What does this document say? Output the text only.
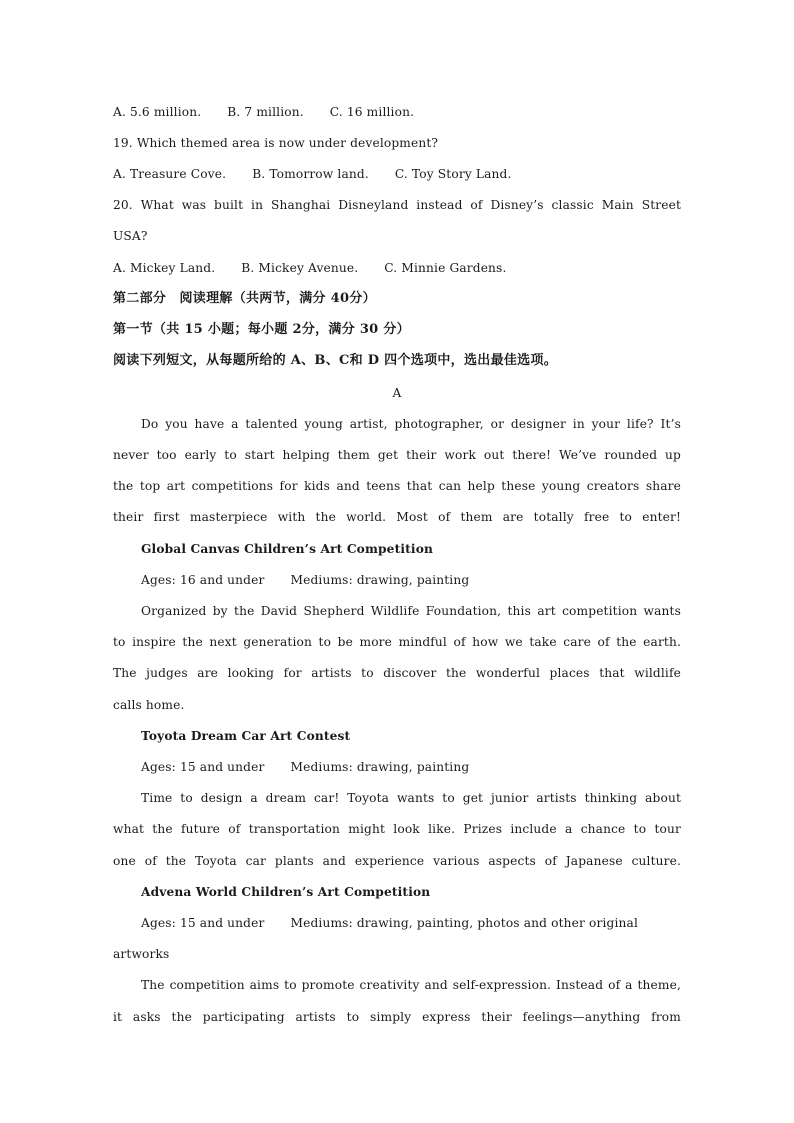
A. 5.6 million. B. 7 million. C. 16 million.
19. Which themed area is now under development?
A. Treasure Cove. B. Tomorrow land. C. Toy Story Land.
20. What was built in Shanghai Disneyland instead of Disney’s classic Main Street
USA?
A. Mickey Land. B. Mickey Avenue. C. Minnie Gardens.
第二部分　阅读理解（共两节，满分 40分）
第一节（共 15 小题；每小题 2分，满分 30 分）
阅读下列短文，从每题所给的 A、B、C和 D 四个选项中，选出最佳选项。
A
Do you have a talented young artist, photographer, or designer in your life? It’s
never too early to start helping them get their work out there! We’ve rounded up
the top art competitions for kids and teens that can help these young creators share
their first masterpiece with the world. Most of them are totally free to enter!
Global Canvas Children’s Art Competition
Ages: 16 and under Mediums: drawing, painting
Organized by the David Shepherd Wildlife Foundation, this art competition wants
to inspire the next generation to be more mindful of how we take care of the earth.
The judges are looking for artists to discover the wonderful places that wildlife
calls home.
Toyota Dream Car Art Contest
Ages: 15 and under Mediums: drawing, painting
Time to design a dream car! Toyota wants to get junior artists thinking about
what the future of transportation might look like. Prizes include a chance to tour
one of the Toyota car plants and experience various aspects of Japanese culture.
Advena World Children’s Art Competition
Ages: 15 and under Mediums: drawing, painting, photos and other original
artworks
The competition aims to promote creativity and self-expression. Instead of a theme,
it asks the participating artists to simply express their feelings—anything from
